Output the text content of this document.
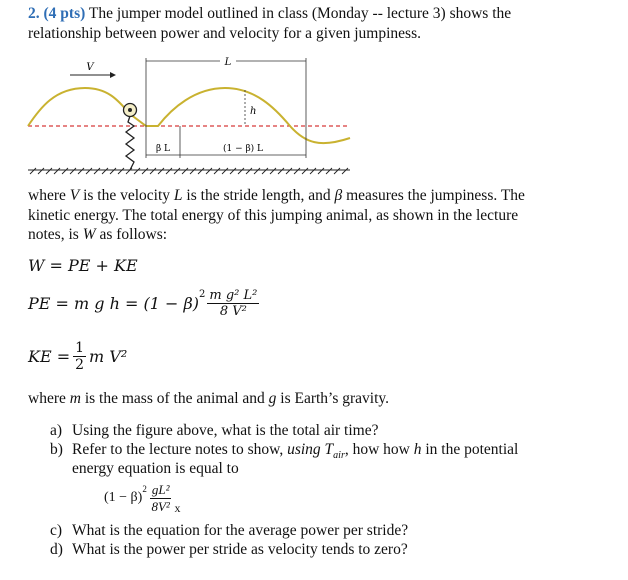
2. (4 pts) The jumper model outlined in class (Monday -- lecture 3) shows the
relationship between power and velocity for a given jumpiness.
L
V
h
β L	(1 − β) L
where V is the velocity L is the stride length, and β measures the jumpiness. The
kinetic energy. The total energy of this jumping animal, as shown in the lecture
notes, is W as follows:
W = PE + KE
PE = m g $h = (1 - \beta)^2 \frac{\text{m g² L²}}{\text{8 V²}}$
KE = $\frac{1}{2}$ m V²
where m is the mass of the animal and g is Earth’s gravity.
a) Using the figure above, what is the total air time?
b) Refer to the lecture notes to show, using $T_{air}$, how how h in the potential
energy equation is equal to
(1 − β)
$^2 \frac{\text{gL²}}{\text{8V²}}$ x
c) What is the equation for the average power per stride?
d) What is the power per stride as velocity tends to zero?
